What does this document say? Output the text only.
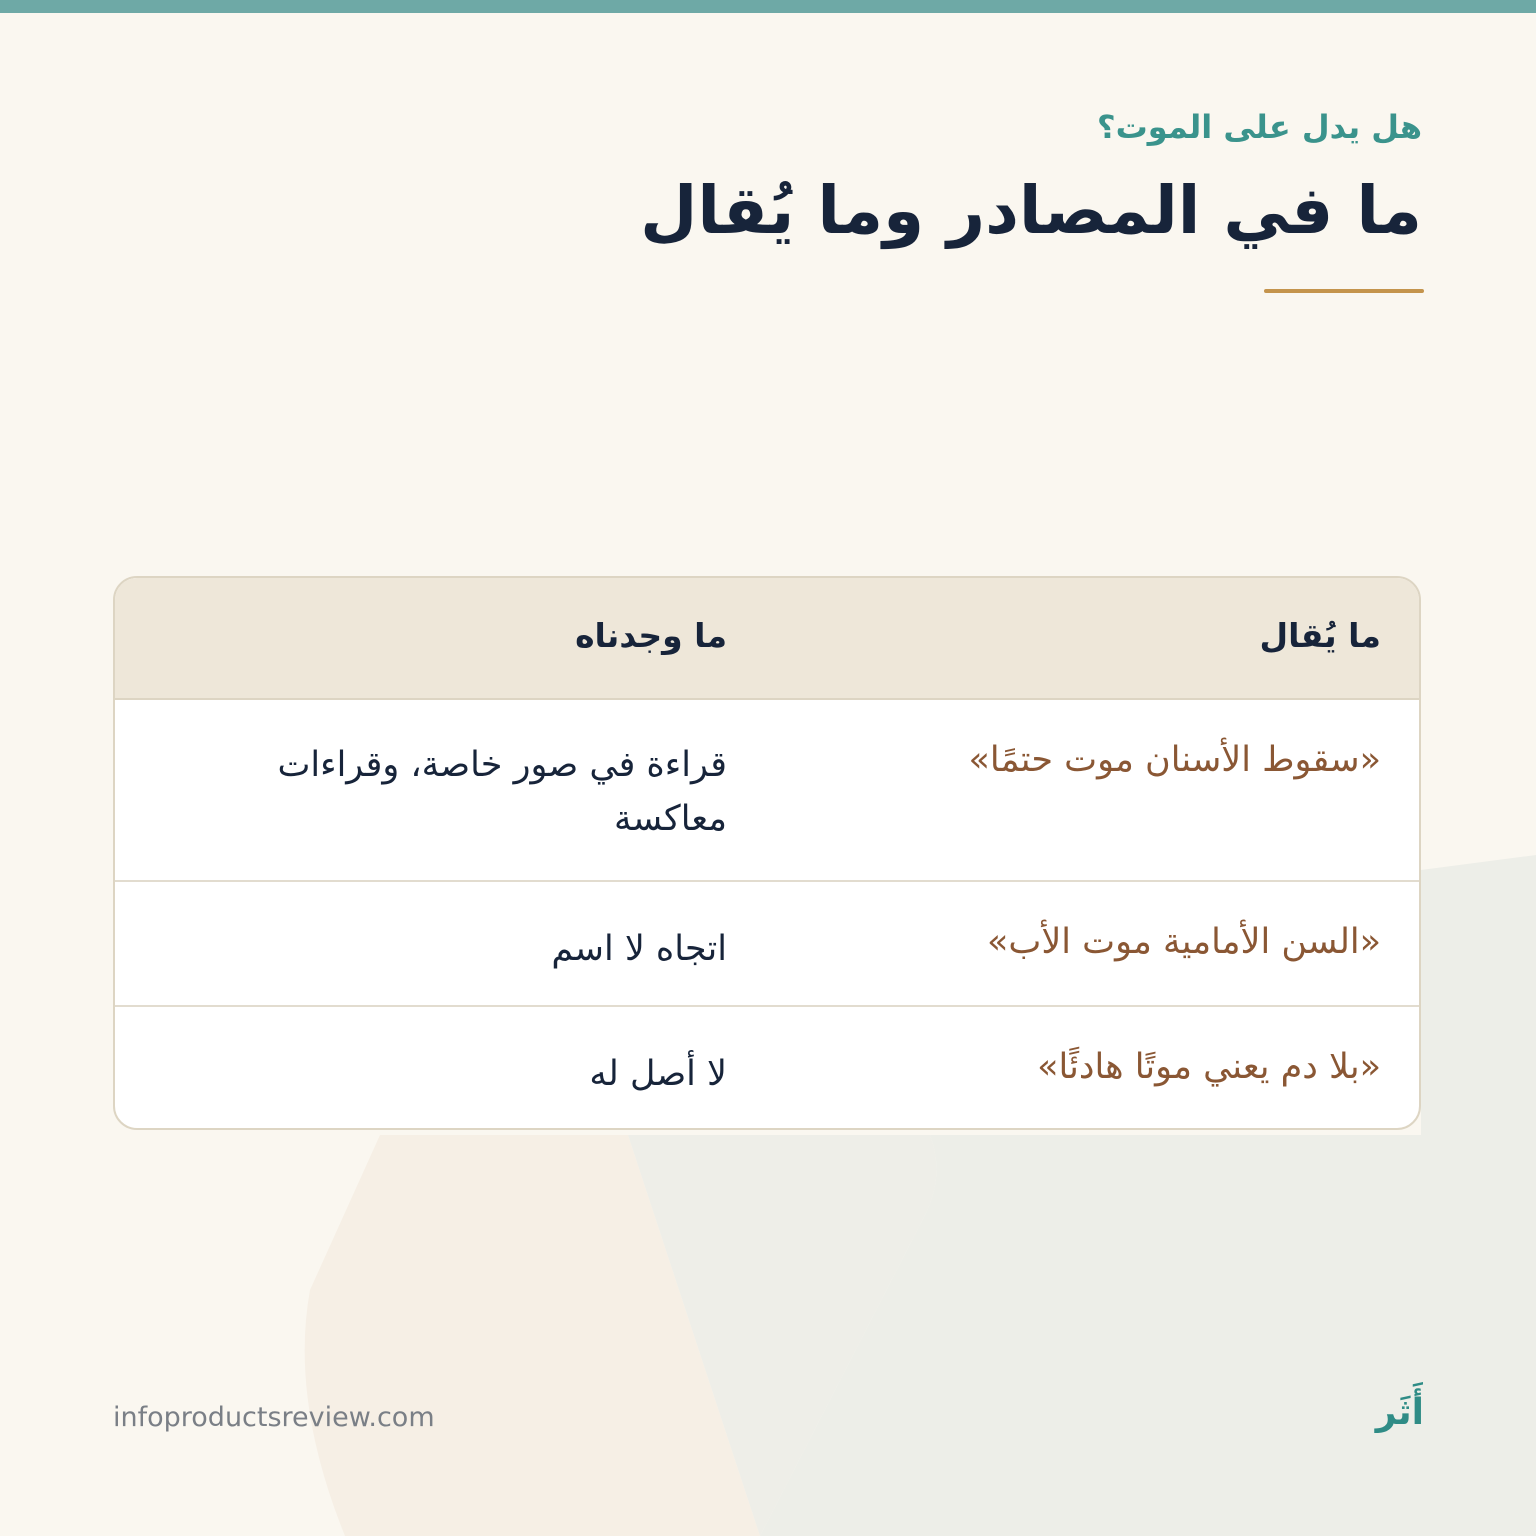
هل يدل على الموت؟
ما في المصادر وما يُقال
ما يُقال
ما وجدناه
«سقوط الأسنان موت حتمًا»
قراءة في صور خاصة، وقراءات معاكسة
«السن الأمامية موت الأب»
اتجاه لا اسم
«بلا دم يعني موتًا هادئًا»
لا أصل له
infoproductsreview.com	أَثَر
